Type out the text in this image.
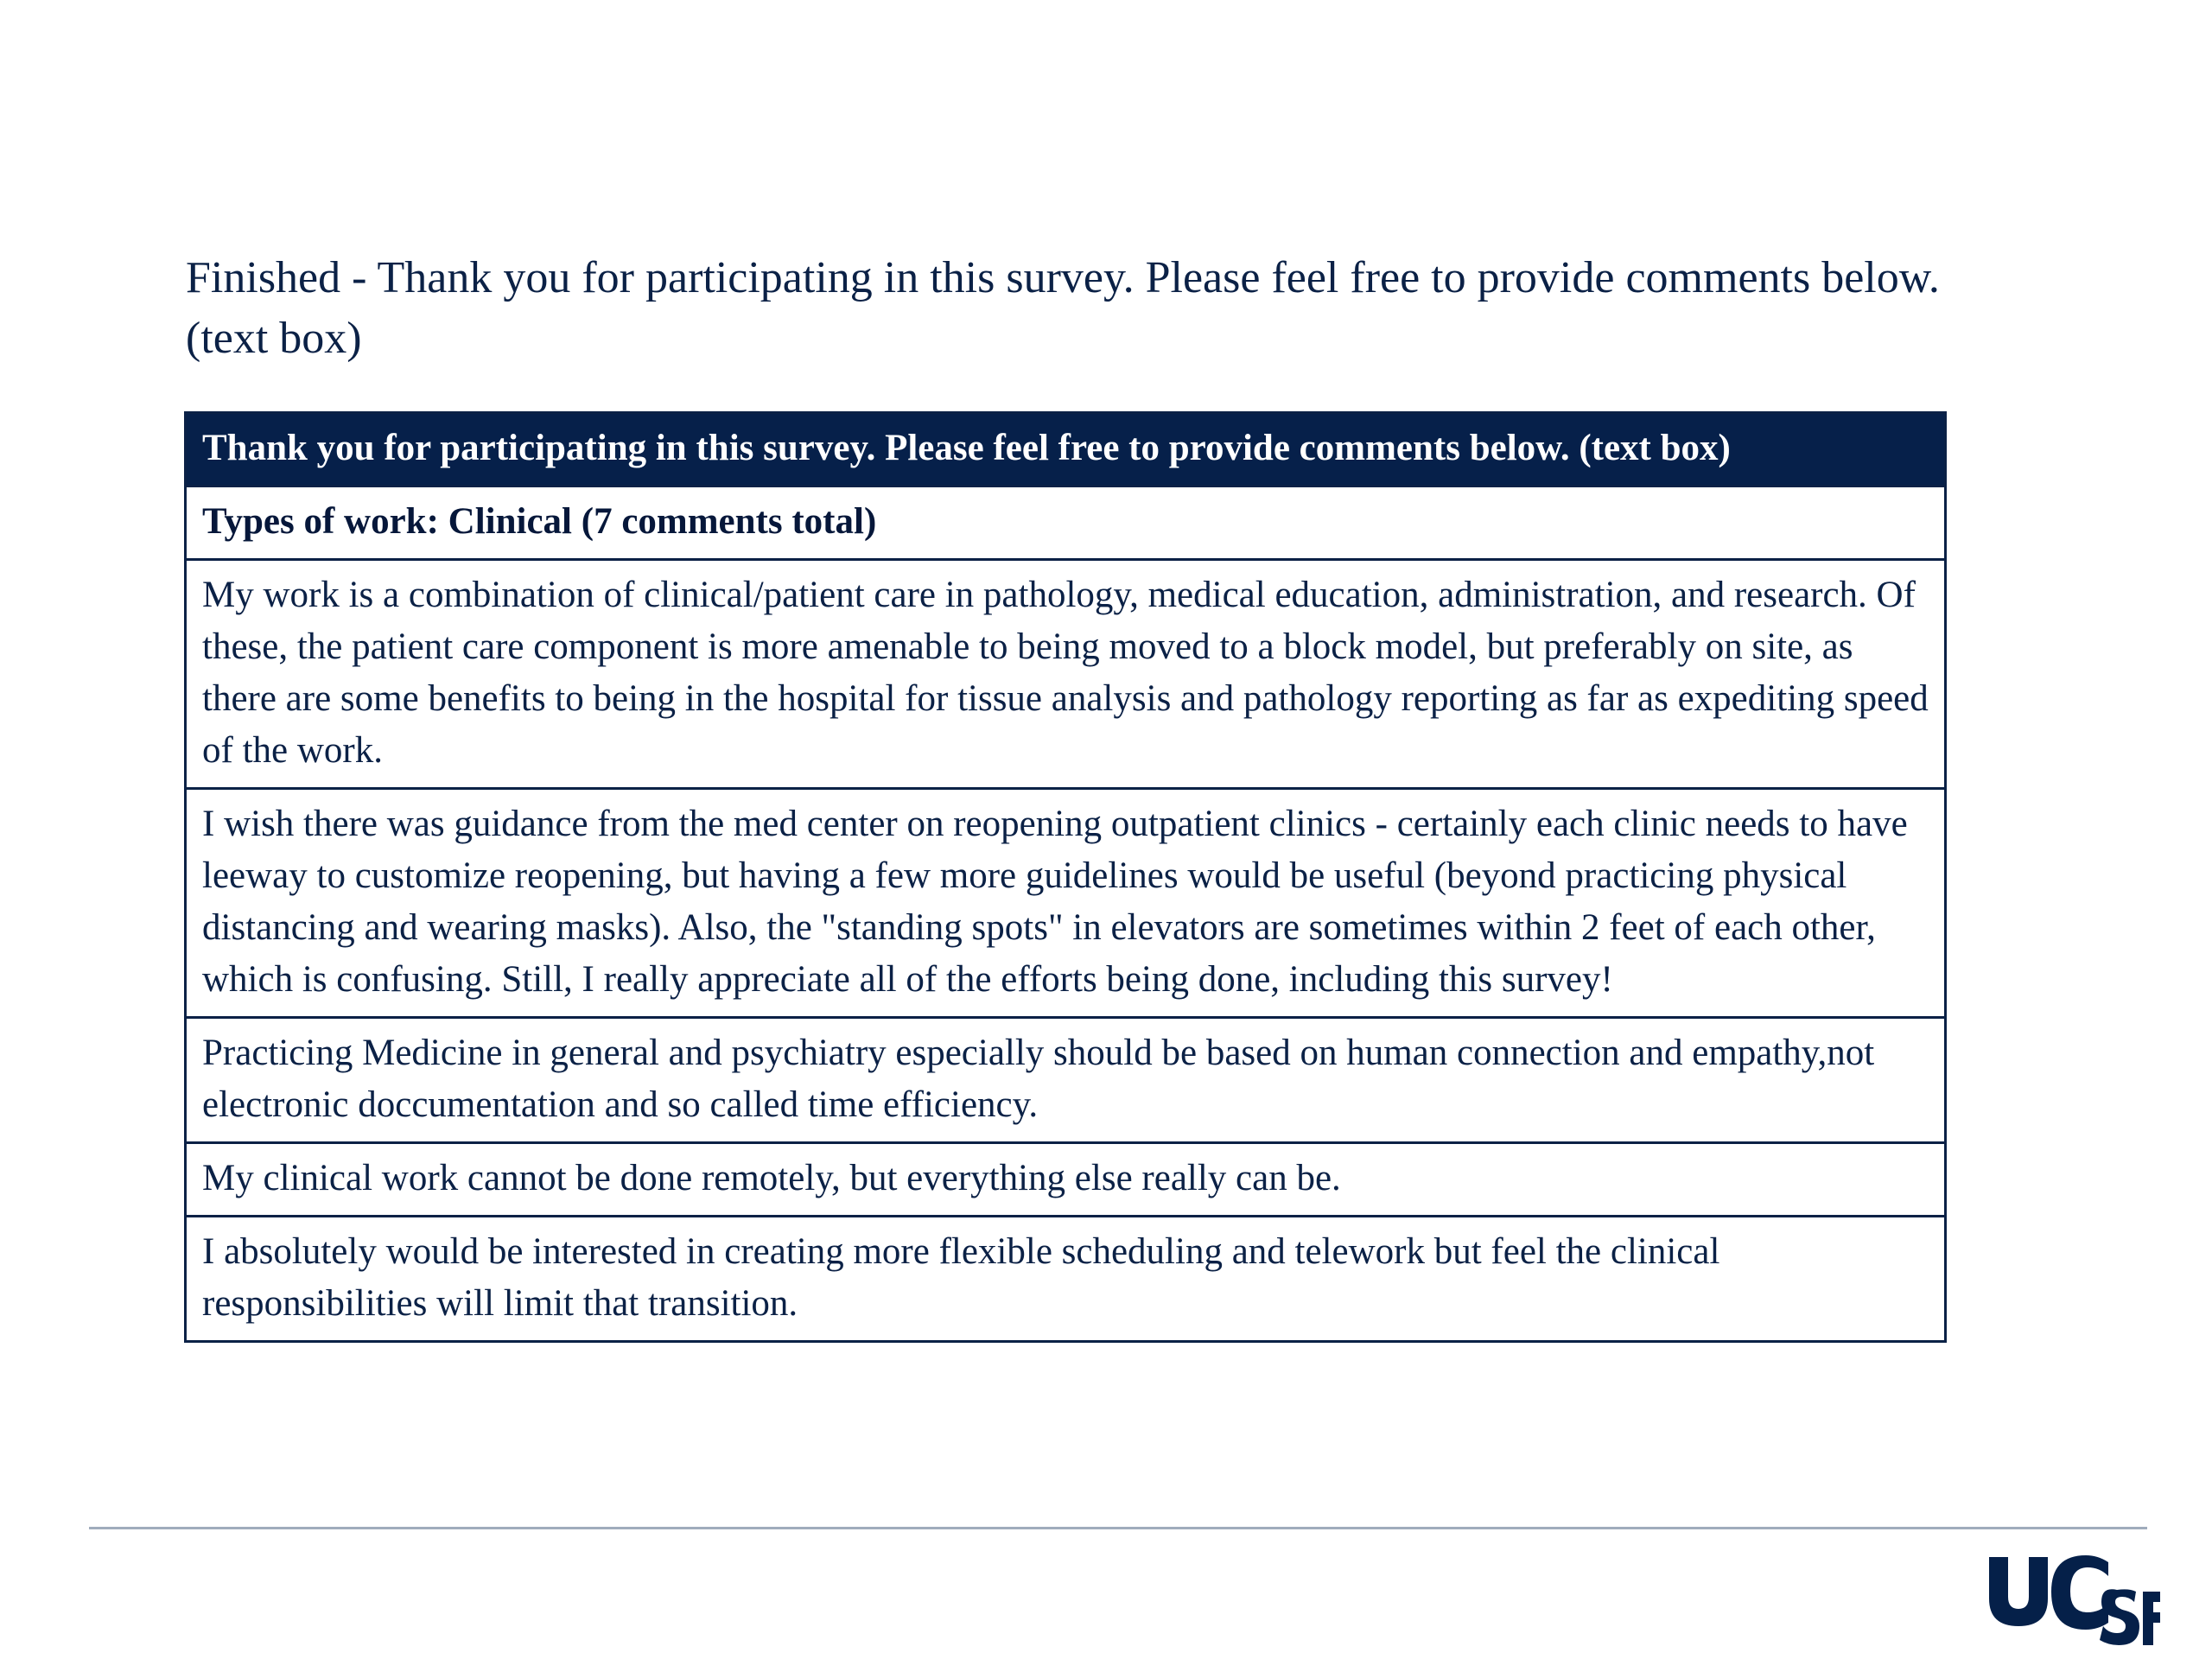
Finished - Thank you for participating in this survey. Please feel free to provide comments below. (text box)
Thank you for participating in this survey. Please feel free to provide comments below. (text box)
Types of work: Clinical (7 comments total)
My work is a combination of clinical/patient care in pathology, medical education, administration, and research. Of these, the patient care component is more amenable to being moved to a block model, but preferably on site, as there are some benefits to being in the hospital for tissue analysis and pathology reporting as far as expediting speed of the work.
I wish there was guidance from the med center on reopening outpatient clinics - certainly each clinic needs to have leeway to customize reopening, but having a few more guidelines would be useful (beyond practicing physical distancing and wearing masks). Also, the "standing spots" in elevators are sometimes within 2 feet of each other, which is confusing. Still, I really appreciate all of the efforts being done, including this survey!
Practicing Medicine in general and psychiatry especially should be based on human connection and empathy,not electronic doccumentation and so called time efficiency.
My clinical work cannot be done remotely, but everything else really can be.
I absolutely would be interested in creating more flexible scheduling and telework but feel the clinical responsibilities will limit that transition.
